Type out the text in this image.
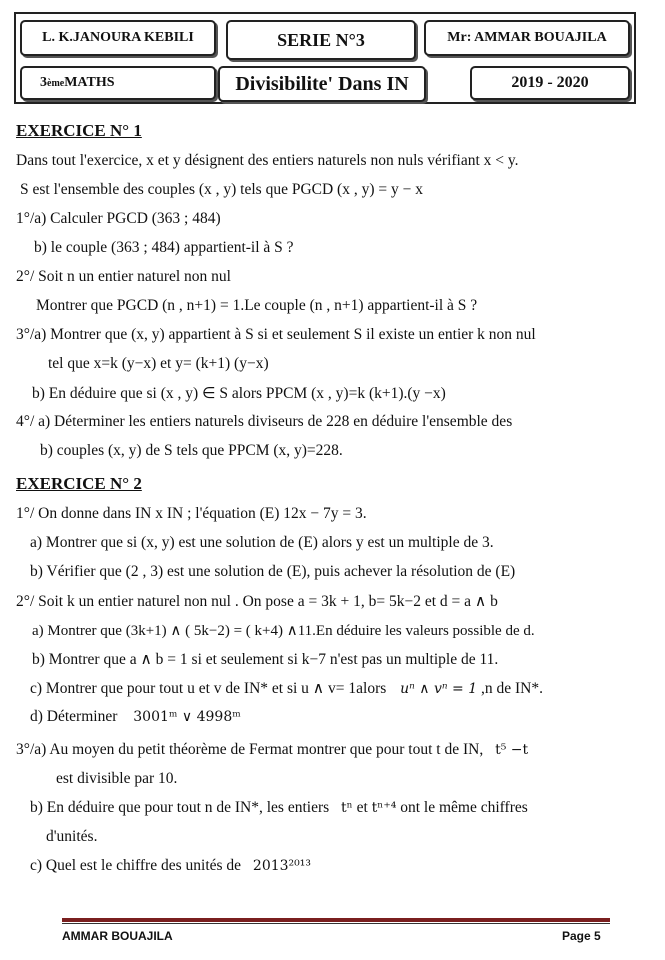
L. K.JANOURA KEBILI	SERIE N°3	Mr: AMMAR BOUAJILA
3 ème MATHS	Divisibilite' Dans IN	2019 - 2020
EXERCICE N° 1
Dans tout l'exercice, x et y désignent des entiers naturels non nuls vérifiant x < y.
S est l'ensemble des couples (x , y) tels que PGCD (x , y) = y − x
1°/a) Calculer PGCD (363 ; 484)
b) le couple (363 ; 484) appartient-il à S ?
2°/ Soit n un entier naturel non nul
Montrer que PGCD (n , n+1) = 1.Le couple (n , n+1) appartient-il à S ?
3°/a) Montrer que (x, y) appartient à S si et seulement S il existe un entier k non nul
tel que x=k (y−x) et y= (k+1) (y−x)
b) En déduire que si (x , y) ∈ S alors PPCM (x , y)=k (k+1).(y −x)
4°/ a) Déterminer les entiers naturels diviseurs de 228 en déduire l'ensemble des
b) couples (x, y) de S tels que PPCM (x, y)=228.
EXERCICE N° 2
1°/ On donne dans IN x IN ; l'équation (E) 12x − 7y = 3.
a) Montrer que si (x, y) est une solution de (E) alors y est un multiple de 3.
b) Vérifier que (2 , 3) est une solution de (E), puis achever la résolution de (E)
2°/ Soit k un entier naturel non nul . On pose a = 3k + 1, b= 5k−2 et d = a ∧ b
a) Montrer que (3k+1) ∧ ( 5k−2) = ( k+4) ∧11.En déduire les valeurs possible de d.
b) Montrer que a ∧ b = 1 si et seulement si k−7 n'est pas un multiple de 11.
c) Montrer que pour tout u et v de IN* et si u ∧ v= 1alors uⁿ ∧ vⁿ = 1 ,n de IN*.
d) Déterminer 3001ᵐ ∨ 4998ᵐ
3°/a) Au moyen du petit théorème de Fermat montrer que pour tout t de IN, t⁵ −t
est divisible par 10.
b) En déduire que pour tout n de IN*, les entiers tⁿ et tⁿ⁺⁴ ont le même chiffres
d'unités.
c) Quel est le chiffre des unités de 2013²⁰¹³
AMMAR BOUAJILA	Page 5
